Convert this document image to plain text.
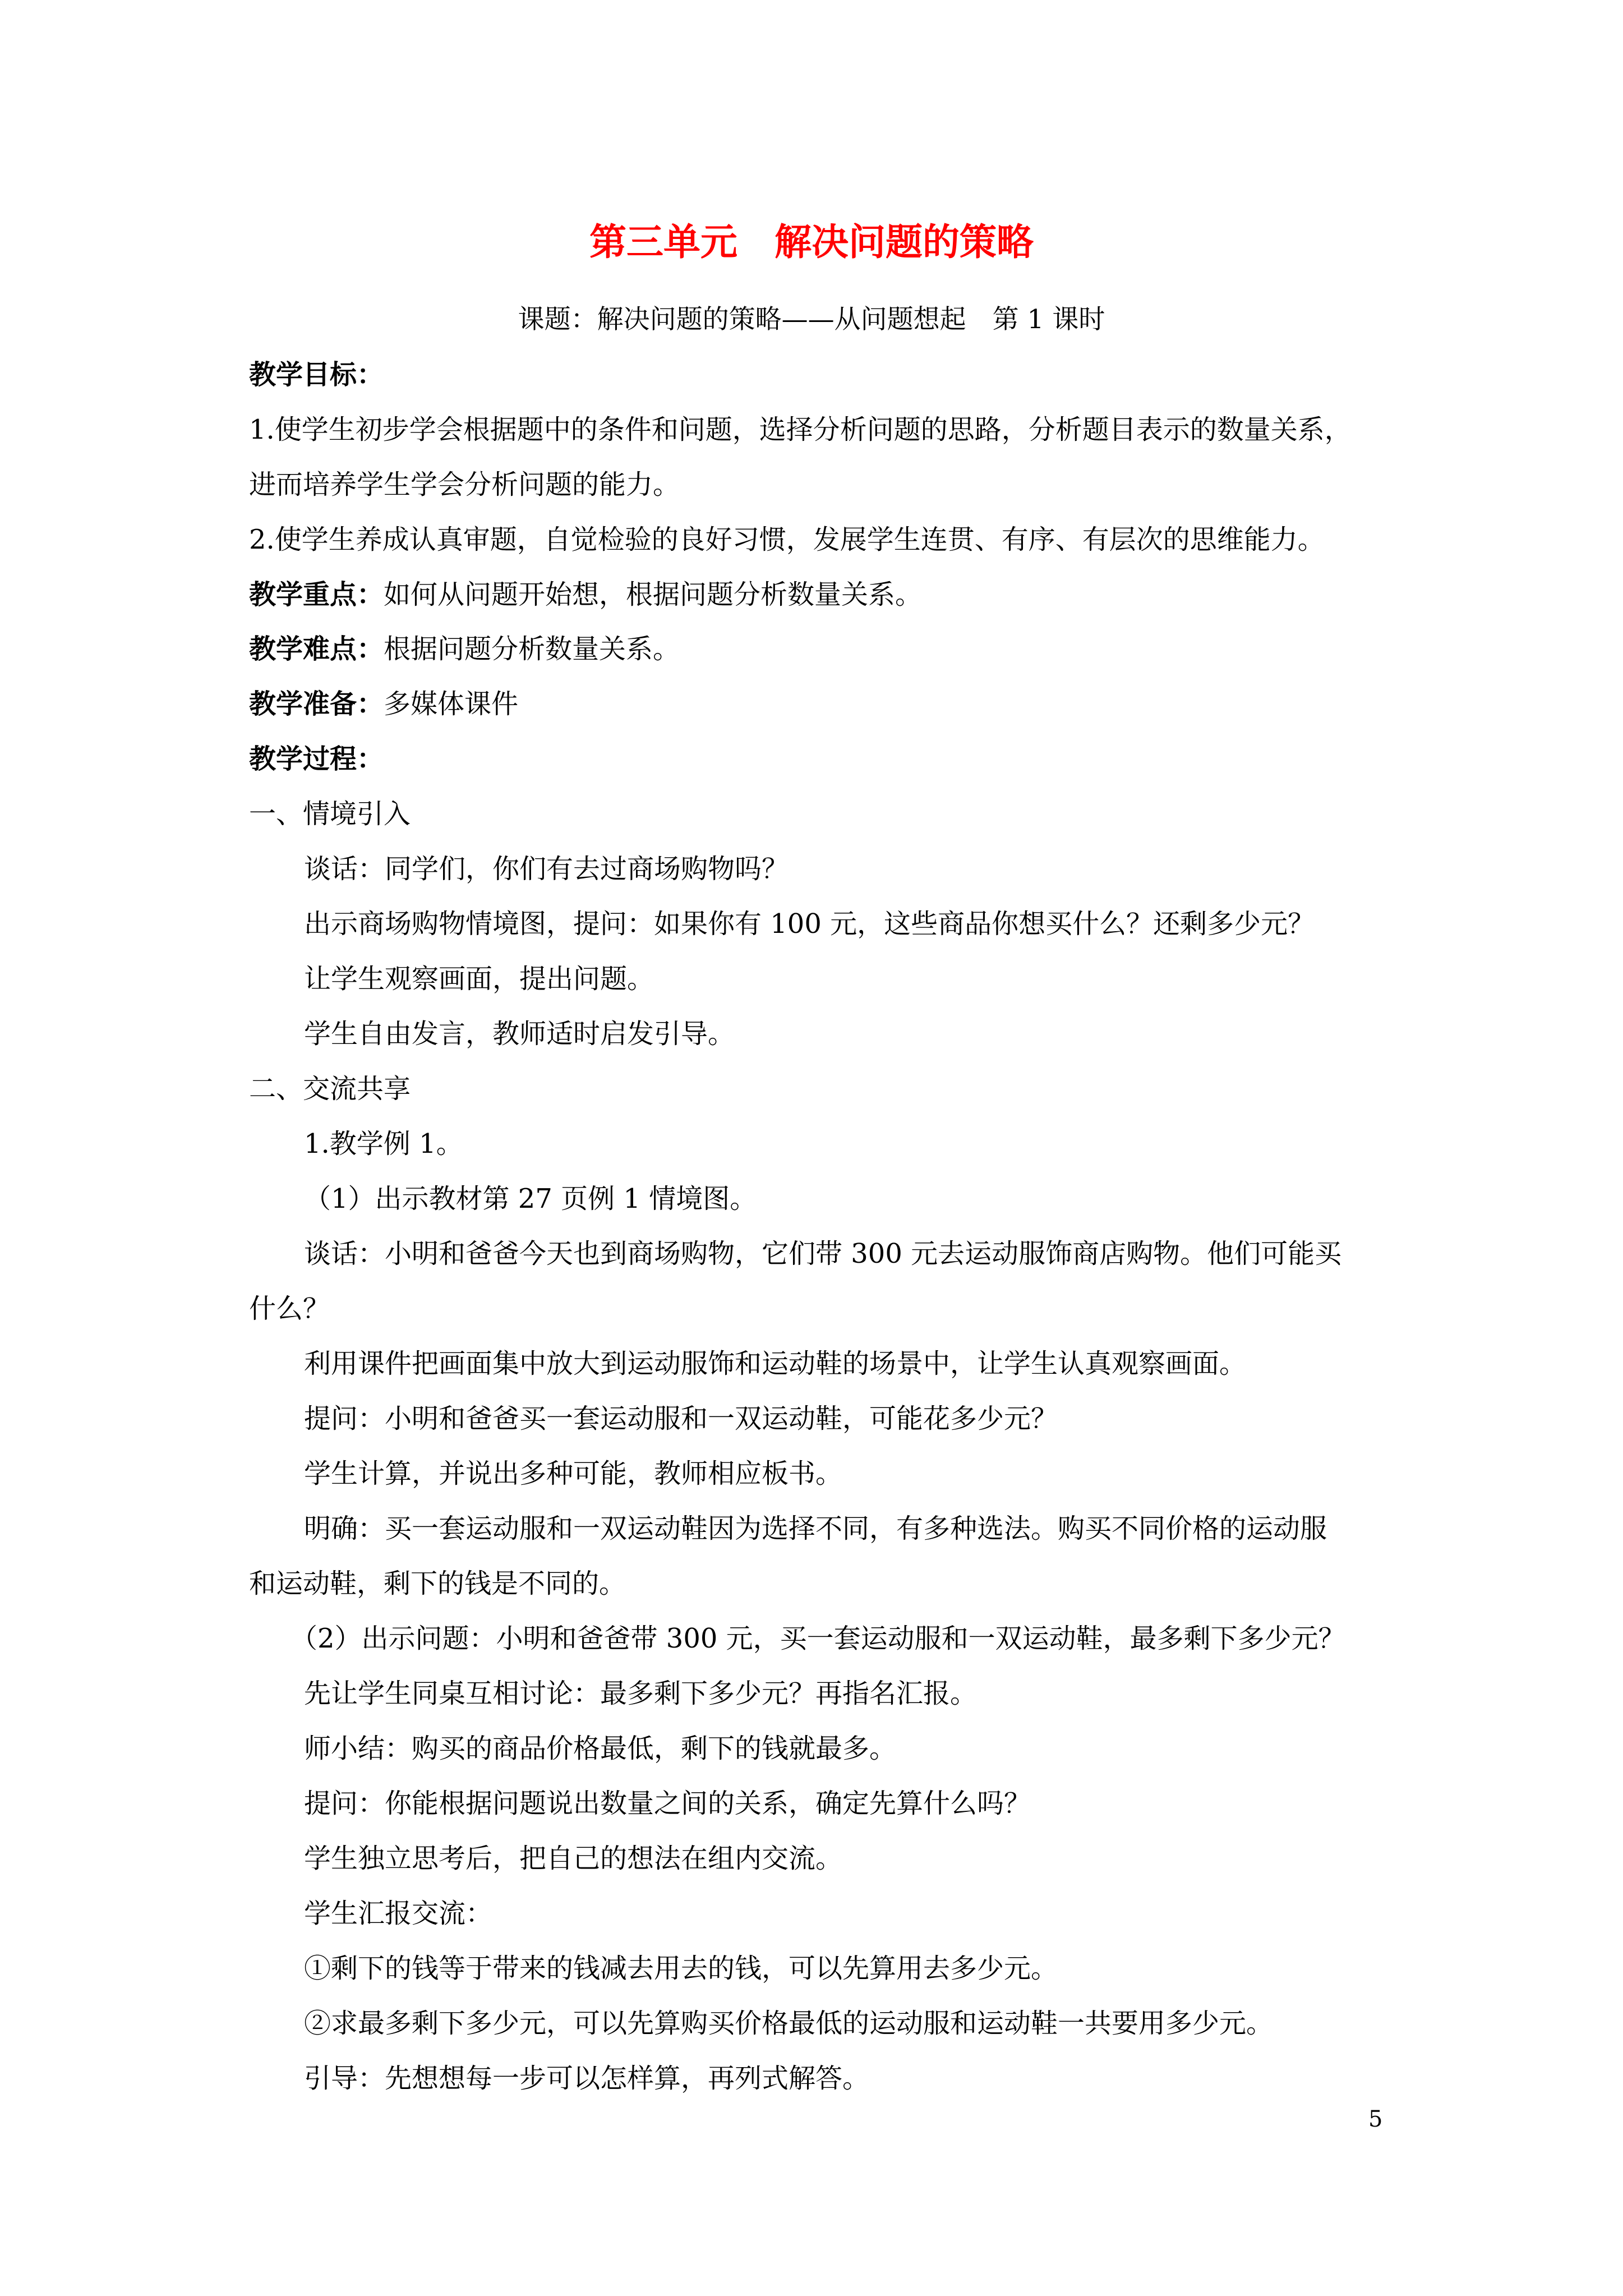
第三单元　解决问题的策略
课题：解决问题的策略——从问题想起　第 1 课时
教学目标：
1.使学生初步学会根据题中的条件和问题，选择分析问题的思路，分析题目表示的数量关系，
进而培养学生学会分析问题的能力。
2.使学生养成认真审题，自觉检验的良好习惯，发展学生连贯、有序、有层次的思维能力。
教学重点：如何从问题开始想，根据问题分析数量关系。
教学难点：根据问题分析数量关系。
教学准备：多媒体课件
教学过程：
一、情境引入
谈话：同学们，你们有去过商场购物吗？
出示商场购物情境图，提问：如果你有 100 元，这些商品你想买什么？还剩多少元？
让学生观察画面，提出问题。
学生自由发言，教师适时启发引导。
二、交流共享
1.教学例 1。
（1）出示教材第 27 页例 1 情境图。
谈话：小明和爸爸今天也到商场购物，它们带 300 元去运动服饰商店购物。他们可能买
什么？
利用课件把画面集中放大到运动服饰和运动鞋的场景中，让学生认真观察画面。
提问：小明和爸爸买一套运动服和一双运动鞋，可能花多少元？
学生计算，并说出多种可能，教师相应板书。
明确：买一套运动服和一双运动鞋因为选择不同，有多种选法。购买不同价格的运动服
和运动鞋，剩下的钱是不同的。
（2）出示问题：小明和爸爸带 300 元，买一套运动服和一双运动鞋，最多剩下多少元？
先让学生同桌互相讨论：最多剩下多少元？再指名汇报。
师小结：购买的商品价格最低，剩下的钱就最多。
提问：你能根据问题说出数量之间的关系，确定先算什么吗？
学生独立思考后，把自己的想法在组内交流。
学生汇报交流：
①剩下的钱等于带来的钱减去用去的钱，可以先算用去多少元。
②求最多剩下多少元，可以先算购买价格最低的运动服和运动鞋一共要用多少元。
引导：先想想每一步可以怎样算，再列式解答。
5
